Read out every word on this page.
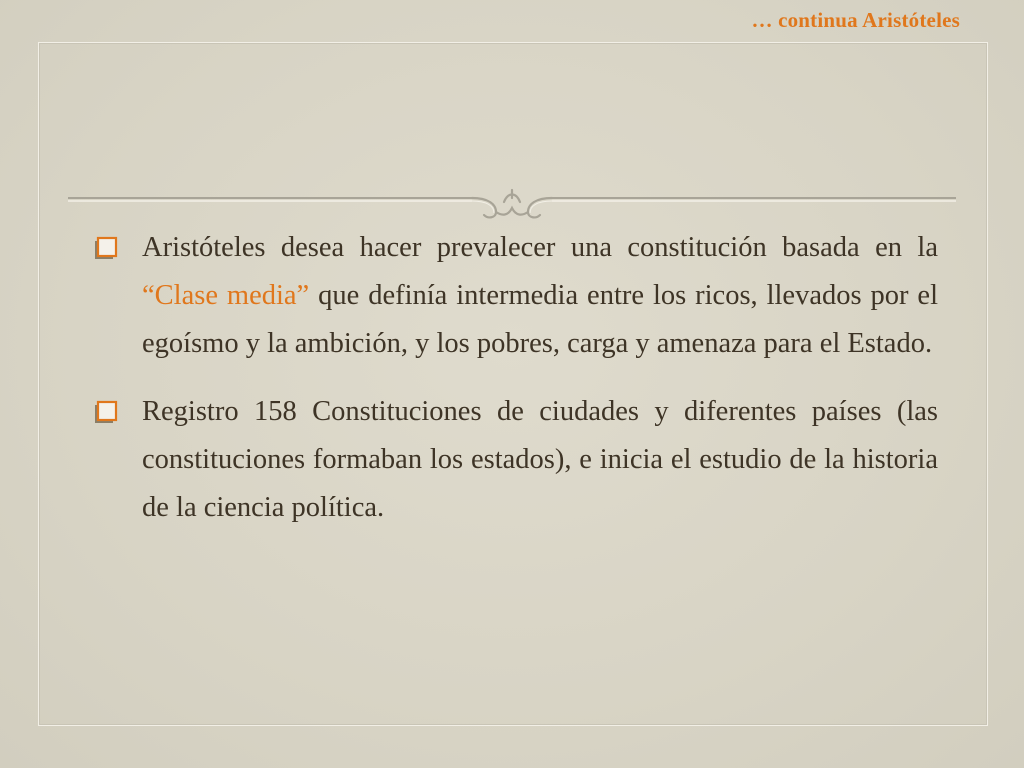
… continua Aristóteles
Aristóteles desea hacer prevalecer una constitución basada en la “Clase media” que definía intermedia entre los ricos, llevados por el egoísmo y la ambición, y los pobres, carga y amenaza para el Estado.
Registro 158 Constituciones de ciudades y diferentes países (las constituciones formaban los estados), e inicia el estudio de la historia de la ciencia política.
